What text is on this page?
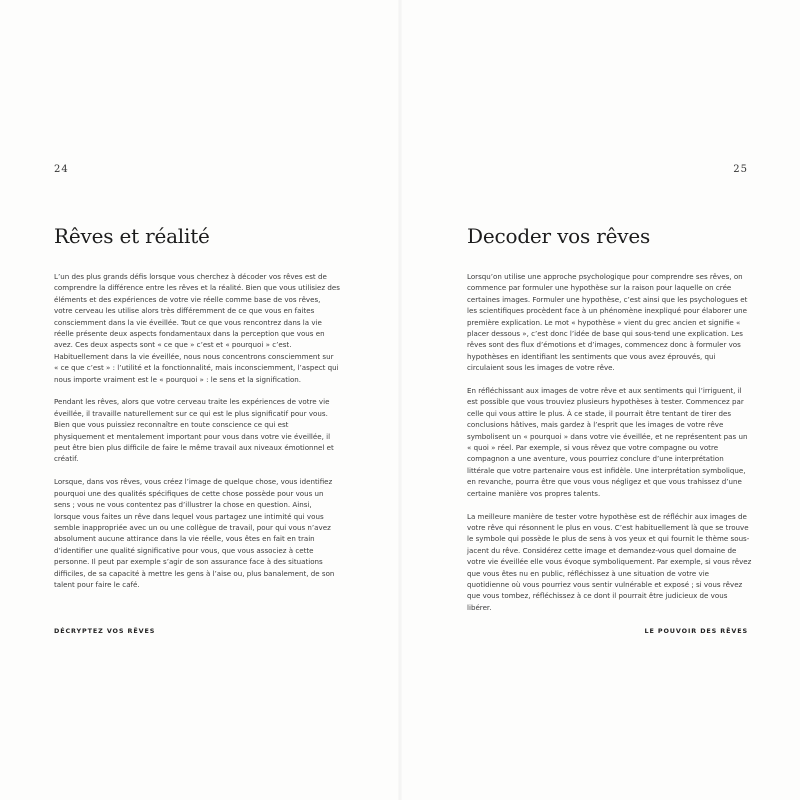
24
Rêves et réalité

L’un des plus grands défis lorsque vous cherchez à décoder vos rêves est de comprendre la différence entre les rêves et la réalité. Bien que vous utilisiez des éléments et des expériences de votre vie réelle comme base de vos rêves, votre cerveau les utilise alors très différemment de ce que vous en faites consciemment dans la vie éveillée. Tout ce que vous rencontrez dans la vie réelle présente deux aspects fondamentaux dans la perception que vous en avez. Ces deux aspects sont « ce que » c’est et « pourquoi » c’est. Habituellement dans la vie éveillée, nous nous concentrons consciemment sur « ce que c’est » : l’utilité et la fonctionnalité, mais inconsciemment, l’aspect qui nous importe vraiment est le « pourquoi » : le sens et la signification.

Pendant les rêves, alors que votre cerveau traite les expériences de votre vie éveillée, il travaille naturellement sur ce qui est le plus significatif pour vous. Bien que vous puissiez reconnaître en toute conscience ce qui est physiquement et mentalement important pour vous dans votre vie éveillée, il peut être bien plus difficile de faire le même travail aux niveaux émotionnel et créatif.

Lorsque, dans vos rêves, vous créez l’image de quelque chose, vous identifiez pourquoi une des qualités spécifiques de cette chose possède pour vous un sens ; vous ne vous contentez pas d’illustrer la chose en question. Ainsi, lorsque vous faites un rêve dans lequel vous partagez une intimité qui vous semble inappropriée avec un ou une collègue de travail, pour qui vous n’avez absolument aucune attirance dans la vie réelle, vous êtes en fait en train d’identifier une qualité significative pour vous, que vous associez à cette personne. Il peut par exemple s’agir de son assurance face à des situations difficiles, de sa capacité à mettre les gens à l’aise ou, plus banalement, de son talent pour faire le café.

DÉCRYPTEZ VOS RÊVES
25
Decoder vos rêves

Lorsqu’on utilise une approche psychologique pour comprendre ses rêves, on commence par formuler une hypothèse sur la raison pour laquelle on crée certaines images. Formuler une hypothèse, c’est ainsi que les psychologues et les scientifiques procèdent face à un phénomène inexpliqué pour élaborer une première explication. Le mot « hypothèse » vient du grec ancien et signifie « placer dessous », c’est donc l’idée de base qui sous-tend une explication. Les rêves sont des flux d’émotions et d’images, commencez donc à formuler vos hypothèses en identifiant les sentiments que vous avez éprouvés, qui circulaient sous les images de votre rêve.

En réfléchissant aux images de votre rêve et aux sentiments qui l’irriguent, il est possible que vous trouviez plusieurs hypothèses à tester. Commencez par celle qui vous attire le plus. À ce stade, il pourrait être tentant de tirer des conclusions hâtives, mais gardez à l’esprit que les images de votre rêve symbolisent un « pourquoi » dans votre vie éveillée, et ne représentent pas un « quoi » réel. Par exemple, si vous rêvez que votre compagne ou votre compagnon a une aventure, vous pourriez conclure d’une interprétation littérale que votre partenaire vous est infidèle. Une interprétation symbolique, en revanche, pourra être que vous vous négligez et que vous trahissez d’une certaine manière vos propres talents.

La meilleure manière de tester votre hypothèse est de réfléchir aux images de votre rêve qui résonnent le plus en vous. C’est habituellement là que se trouve le symbole qui possède le plus de sens à vos yeux et qui fournit le thème sous-jacent du rêve. Considérez cette image et demandez-vous quel domaine de votre vie éveillée elle vous évoque symboliquement. Par exemple, si vous rêvez que vous êtes nu en public, réfléchissez à une situation de votre vie quotidienne où vous pourriez vous sentir vulnérable et exposé ; si vous rêvez que vous tombez, réfléchissez à ce dont il pourrait être judicieux de vous libérer.

LE POUVOIR DES RÊVES
